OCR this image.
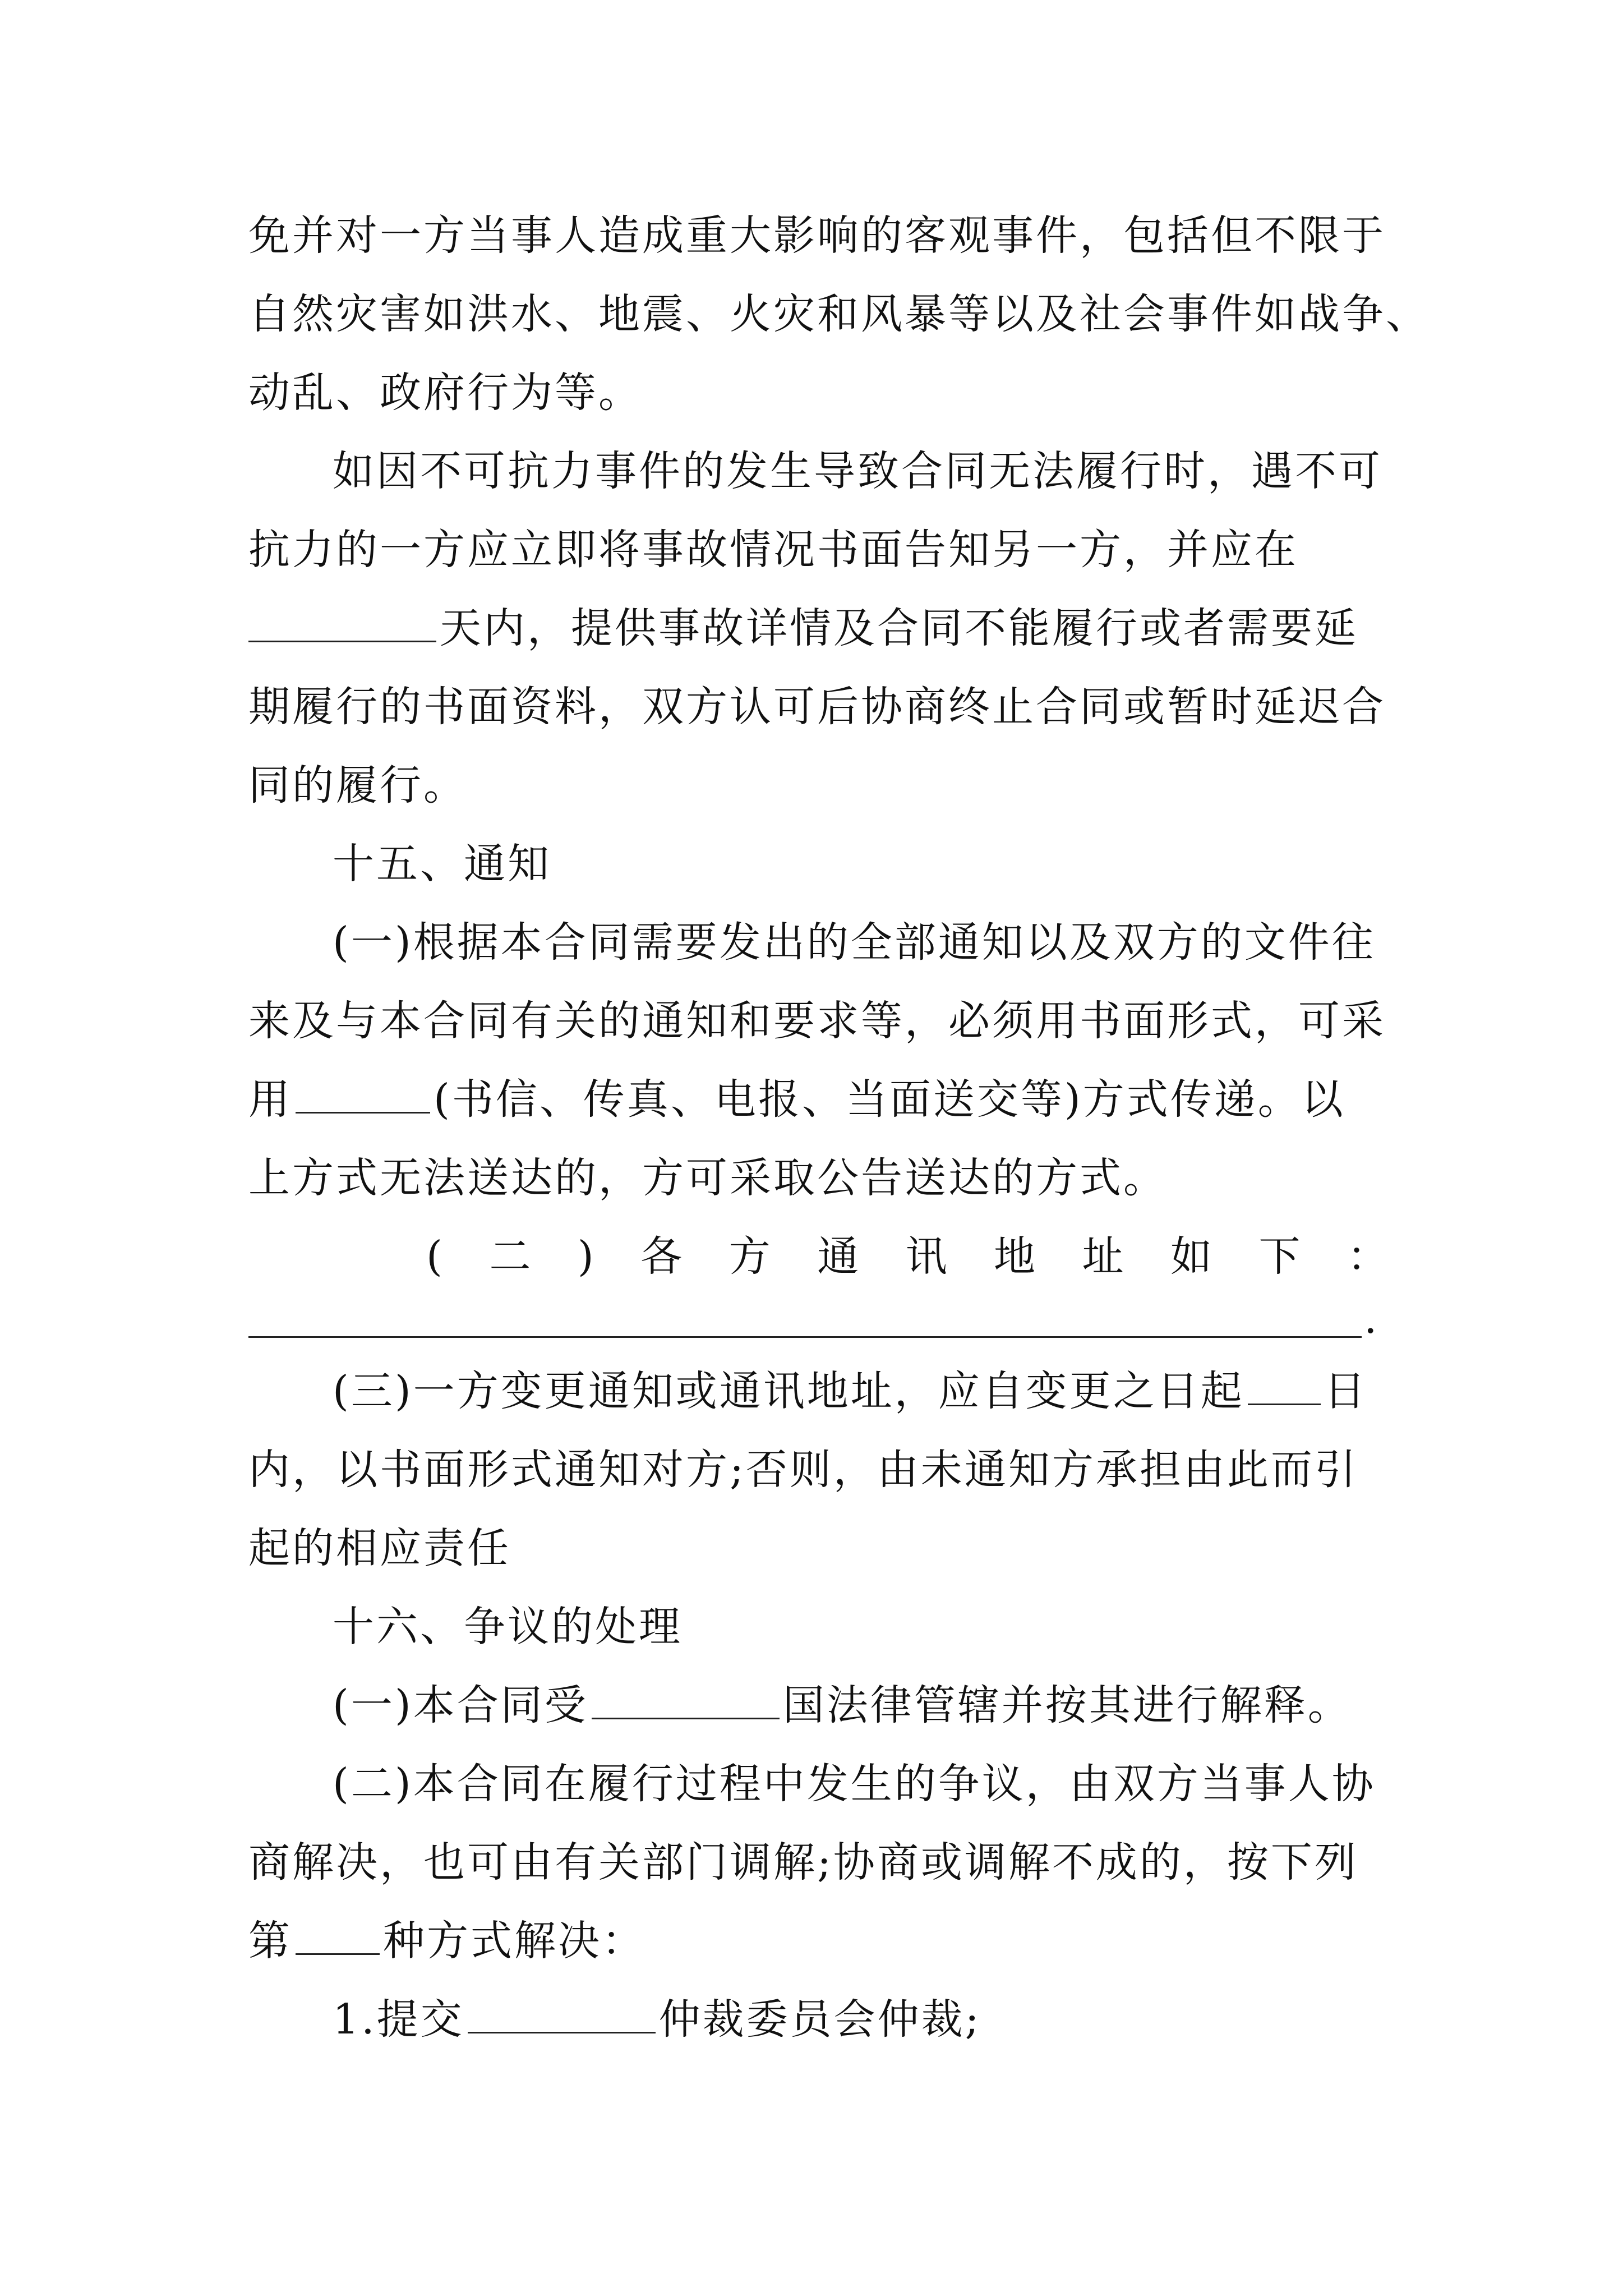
免并对一方当事人造成重大影响的客观事件，包括但不限于
自然灾害如洪水、地震、火灾和风暴等以及社会事件如战争、
动乱、政府行为等。
如因不可抗力事件的发生导致合同无法履行时，遇不可
抗力的一方应立即将事故情况书面告知另一方，并应在
天内，提供事故详情及合同不能履行或者需要延
期履行的书面资料，双方认可后协商终止合同或暂时延迟合
同的履行。
十五、通知
(一)根据本合同需要发出的全部通知以及双方的文件往
来及与本合同有关的通知和要求等，必须用书面形式，可采
用	(书信、传真、电报、当面送交等)方式传递。以
上方式无法送达的，方可采取公告送达的方式。
( 二 ) 各 方 通 讯 地 址 如 下 ：
.
(三)一方变更通知或通讯地址，应自变更之日起 日
内，以书面形式通知对方;否则，由未通知方承担由此而引
起的相应责任
十六、争议的处理
(一)本合同受	国法律管辖并按其进行解释。
(二)本合同在履行过程中发生的争议，由双方当事人协
商解决，也可由有关部门调解;协商或调解不成的，按下列
第 种方式解决：
1.提交	仲裁委员会仲裁;
